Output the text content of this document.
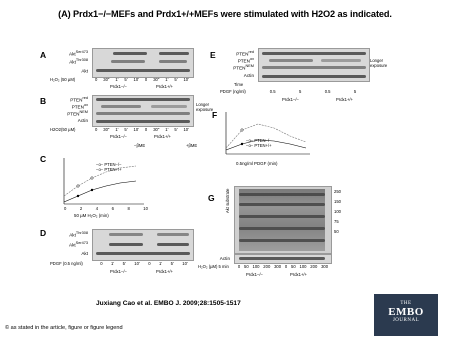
(A) Prdx1−/−MEFs and Prdx1+/+MEFs were stimulated with H2O2 as indicated.
A	Akt$^{Ser473}$
Akt$^{Thr308}$
Akt
H₂O₂ (50 µM)	0 30" 1' 5' 10' 0 30" 1' 5' 10'
Prdx1−/−	Prdx1+/+
B	$PTEN^{red}$
$PTEN^{ox}$
$PTEN^{NEM}$
Actin
Longer exposure
H2O2(50 µM)	0 30" 1' 5' 10' 0 30" 1' 5' 10'
Prdx1−/−	Prdx1+/+
−βME	+βME
C
−o− PTEN−/−
−o− PTEN+/+
0	2	4	6	8	10
50 µM H₂O₂ (min)
D	Akt$^{Thr308}$
Akt$^{Ser473}$
Akt
PDGF (0.5 ng/ml)	0 1' 5' 10' 0 1' 5' 10'
Prdx1−/−	Prdx1+/+
E	$PTEN^{red}$
$PTEN^{ox}$
$PTEN^{NEM}$
Actin
Longer exposure
Time
PDGF (ng/ml)	0.5	5	0.5	5
Prdx1−/−	Prdx1+/+
F
−o− PTEN−/−
−o− PTEN+/+
0.5ng/ml PDGF (min)
G Akt substrate	250
150
100
75
50
Actin
H₂O₂ (µM) 5 min 0 50 100 200 300 0 50 100 200 300
Prdx1−/−	Prdx1+/+
Juxiang Cao et al. EMBO J. 2009;28:1505-1517
© as stated in the article, figure or figure legend
THE
EMBO
JOURNAL
